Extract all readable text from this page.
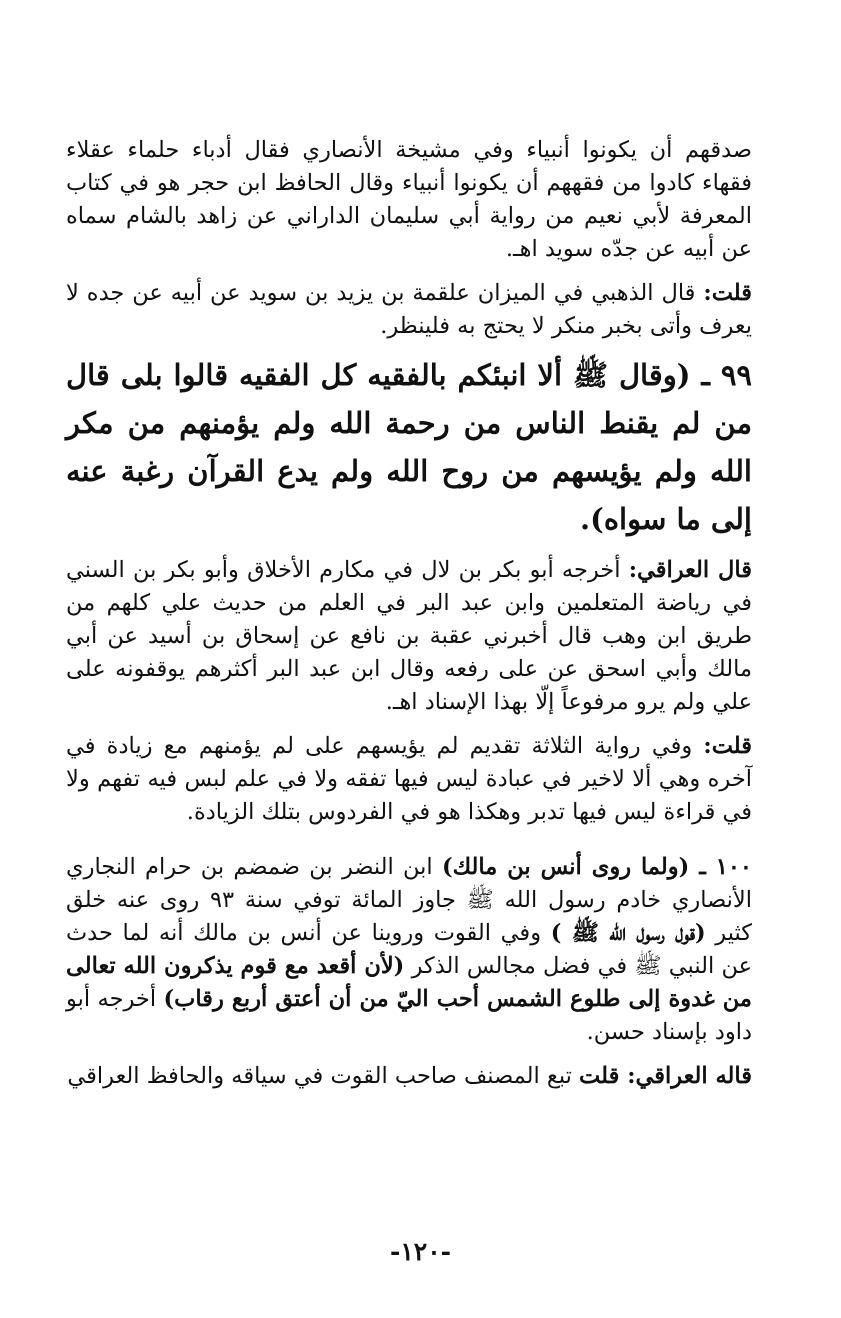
صدقهم أن يكونوا أنبياء وفي مشيخة الأنصاري فقال أدباء حلماء عقلاء فقهاء كادوا من فقههم أن يكونوا أنبياء وقال الحافظ ابن حجر هو في كتاب المعرفة لأبي نعيم من رواية أبي سليمان الداراني عن زاهد بالشام سماه عن أبيه عن جدّه سويد اهـ.

قلت: قال الذهبي في الميزان علقمة بن يزيد بن سويد عن أبيه عن جده لا يعرف وأتى بخبر منكر لا يحتج به فلينظر.

٩٩ ـ (وقال ﷺ ألا انبئكم بالفقيه كل الفقيه قالوا بلى قال من لم يقنط الناس من رحمة الله ولم يؤمنهم من مكر الله ولم يؤيسهم من روح الله ولم يدع القرآن رغبة عنه إلى ما سواه).

قال العراقي: أخرجه أبو بكر بن لال في مكارم الأخلاق وأبو بكر بن السني في رياضة المتعلمين وابن عبد البر في العلم من حديث علي كلهم من طريق ابن وهب قال أخبرني عقبة بن نافع عن إسحاق بن أسيد عن أبي مالك وأبي اسحق عن على رفعه وقال ابن عبد البر أكثرهم يوقفونه على علي ولم يرو مرفوعاً إلّا بهذا الإسناد اهـ.

قلت: وفي رواية الثلاثة تقديم لم يؤيسهم على لم يؤمنهم مع زيادة في آخره وهي ألا لاخير في عبادة ليس فيها تفقه ولا في علم لبس فيه تفهم ولا في قراءة ليس فيها تدبر وهكذا هو في الفردوس بتلك الزيادة.

١٠٠ ـ (ولما روى أنس بن مالك) ابن النضر بن ضمضم بن حرام النجاري الأنصاري خادم رسول الله ﷺ جاوز المائة توفي سنة ٩٣ روى عنه خلق كثير (قول رسول الله ﷺ ) وفي القوت وروينا عن أنس بن مالك أنه لما حدث عن النبي ﷺ في فضل مجالس الذكر (لأن أقعد مع قوم يذكرون الله تعالى من غدوة إلى طلوع الشمس أحب اليّ من أن أعتق أربع رقاب) أخرجه أبو داود بإسناد حسن.

قاله العراقي: قلت تبع المصنف صاحب القوت في سياقه والحافظ العراقي

-١٢٠-
